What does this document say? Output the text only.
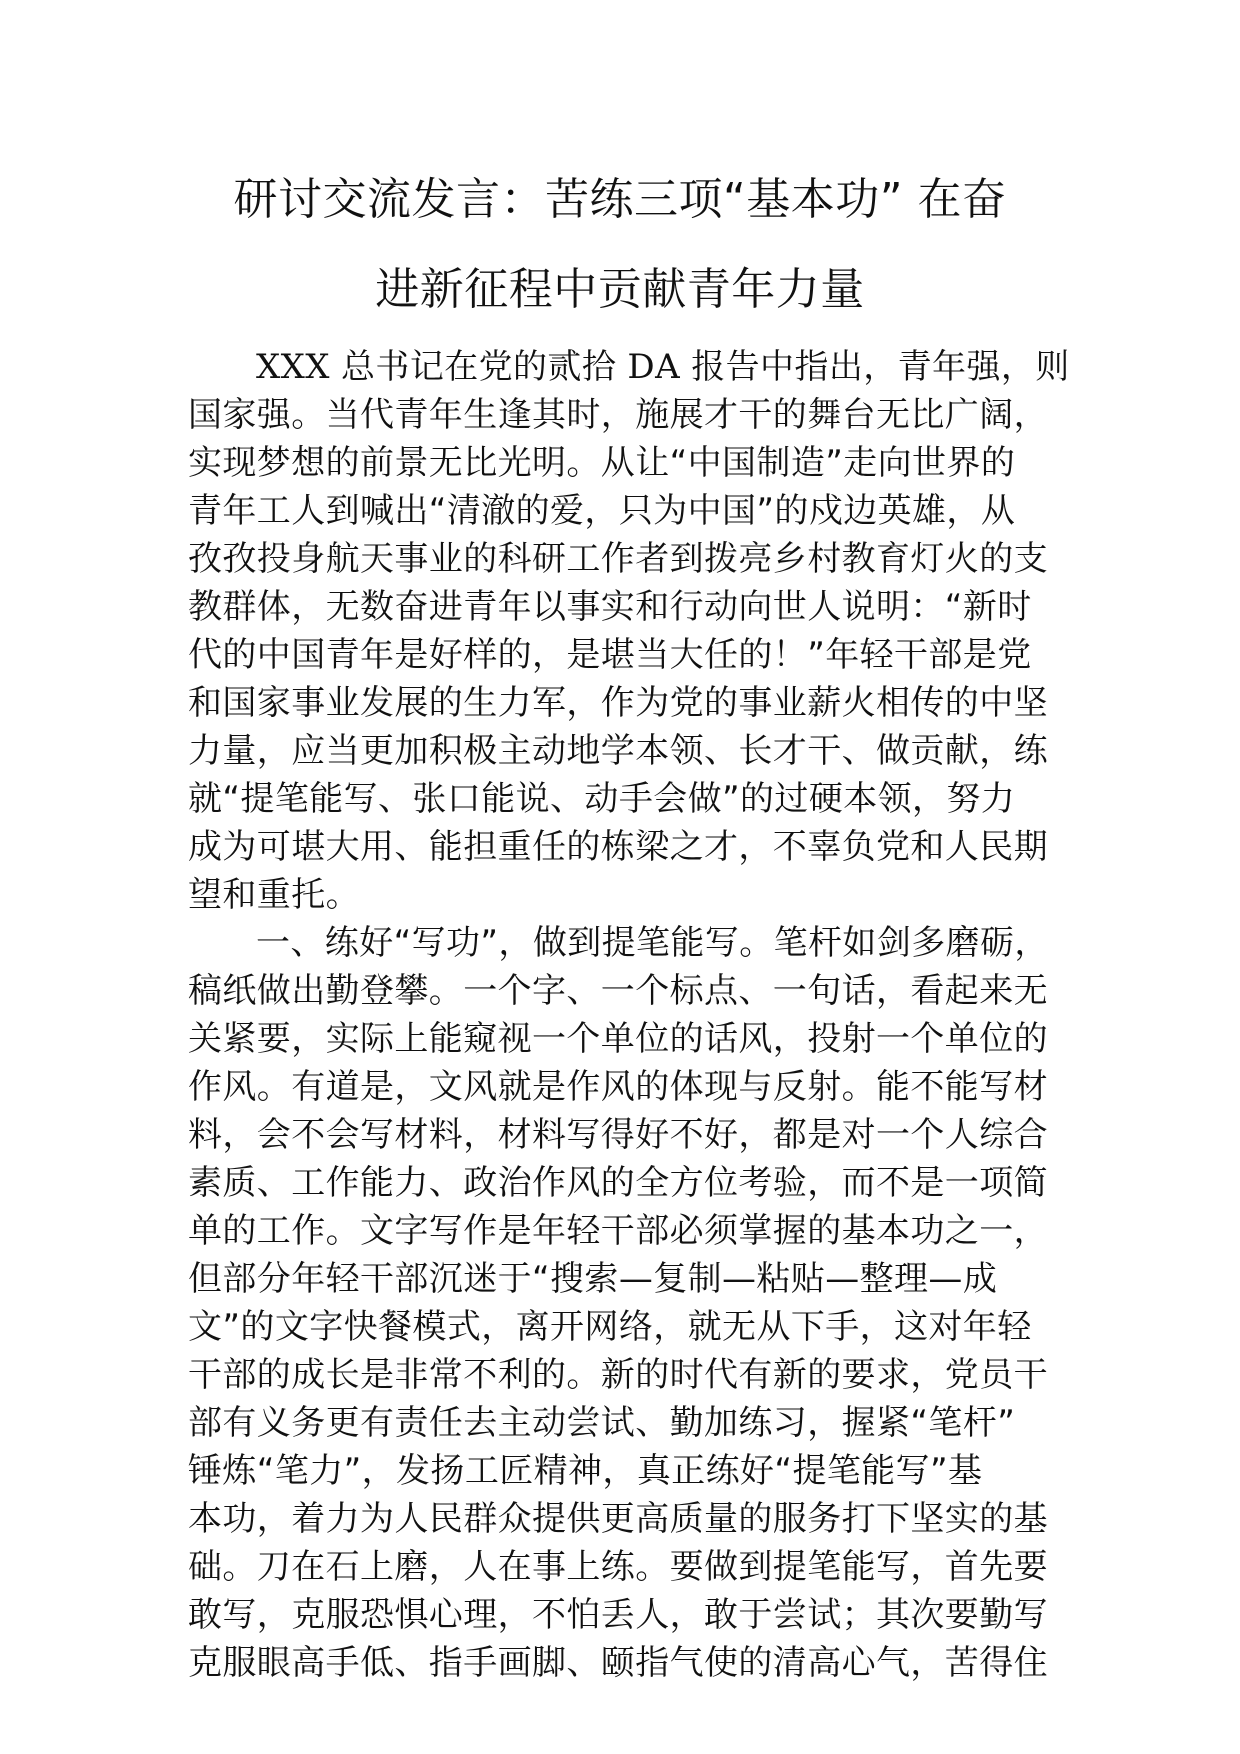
研讨交流发言：苦练三项“基本功” 在奋
进新征程中贡献青年力量
XXX 总书记在党的贰拾 DA 报告中指出，青年强，则
国家强。当代青年生逢其时，施展才干的舞台无比广阔，
实现梦想的前景无比光明。从让“中国制造”走向世界的
青年工人到喊出“清澈的爱，只为中国”的戍边英雄，从
孜孜投身航天事业的科研工作者到拨亮乡村教育灯火的支
教群体，无数奋进青年以事实和行动向世人说明：“新时
代的中国青年是好样的，是堪当大任的！”年轻干部是党
和国家事业发展的生力军，作为党的事业薪火相传的中坚
力量，应当更加积极主动地学本领、长才干、做贡献，练
就“提笔能写、张口能说、动手会做”的过硬本领，努力
成为可堪大用、能担重任的栋梁之才，不辜负党和人民期
望和重托。
一、练好“写功”，做到提笔能写。笔杆如剑多磨砺，
稿纸做出勤登攀。一个字、一个标点、一句话，看起来无
关紧要，实际上能窥视一个单位的话风，投射一个单位的
作风。有道是，文风就是作风的体现与反射。能不能写材
料，会不会写材料，材料写得好不好，都是对一个人综合
素质、工作能力、政治作风的全方位考验，而不是一项简
单的工作。文字写作是年轻干部必须掌握的基本功之一，
但部分年轻干部沉迷于“搜索—复制—粘贴—整理—成
文”的文字快餐模式，离开网络，就无从下手，这对年轻
干部的成长是非常不利的。新的时代有新的要求，党员干
部有义务更有责任去主动尝试、勤加练习，握紧“笔杆”
锤炼“笔力”，发扬工匠精神，真正练好“提笔能写”基
本功，着力为人民群众提供更高质量的服务打下坚实的基
础。刀在石上磨，人在事上练。要做到提笔能写，首先要
敢写，克服恐惧心理，不怕丢人，敢于尝试；其次要勤写
克服眼高手低、指手画脚、颐指气使的清高心气，苦得住
